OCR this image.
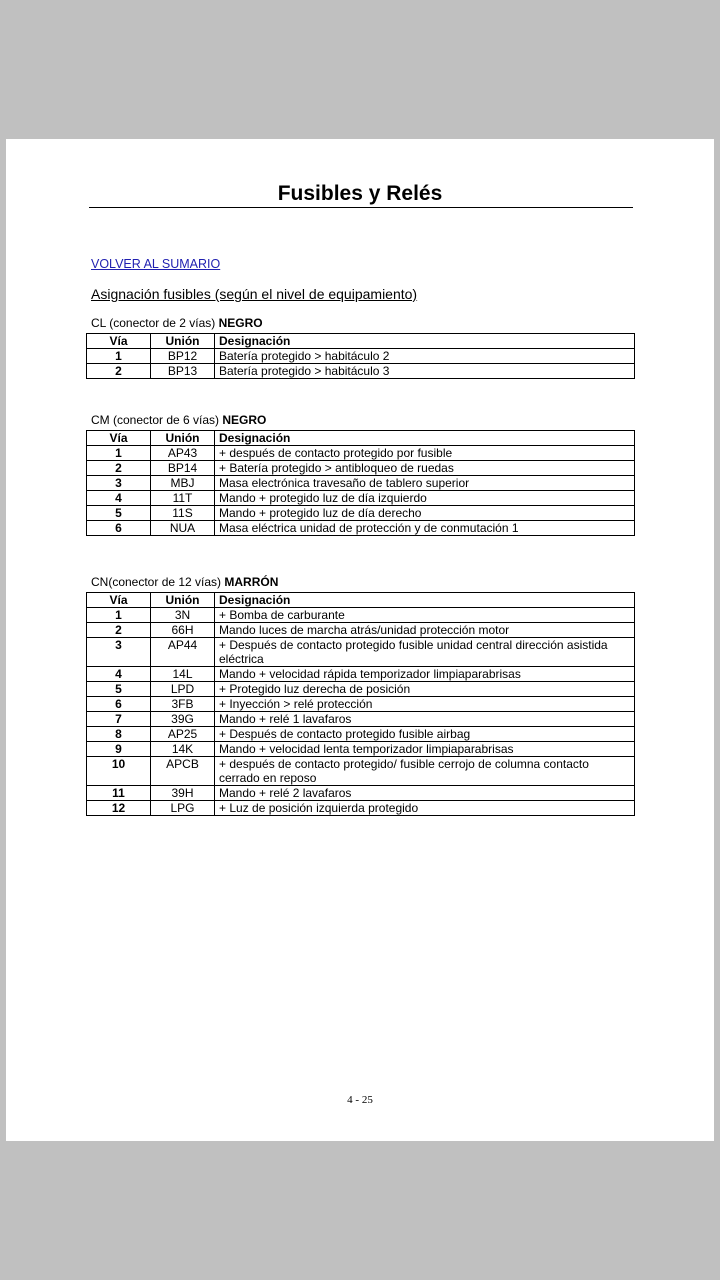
Fusibles y Relés
VOLVER AL SUMARIO
Asignación fusibles (según el nivel de equipamiento)
CL (conector de 2 vías) NEGRO
Vía	Unión	Designación
1	BP12	Batería protegido > habitáculo 2
2	BP13	Batería protegido > habitáculo 3
CM (conector de 6 vías) NEGRO
Vía	Unión	Designación
1	AP43	+ después de contacto protegido por fusible
2	BP14	+ Batería protegido > antibloqueo de ruedas
3	MBJ	Masa electrónica travesaño de tablero superior
4	11T	Mando + protegido luz de día izquierdo
5	11S	Mando + protegido luz de día derecho
6	NUA	Masa eléctrica unidad de protección y de conmutación 1
CN(conector de 12 vías) MARRÓN
Vía	Unión	Designación
1	3N	+ Bomba de carburante
2	66H	Mando luces de marcha atrás/unidad protección motor
3	AP44	+ Después de contacto protegido fusible unidad central dirección asistida eléctrica
4	14L	Mando + velocidad rápida temporizador limpiaparabrisas
5	LPD	+ Protegido luz derecha de posición
6	3FB	+ Inyección > relé protección
7	39G	Mando + relé 1 lavafaros
8	AP25	+ Después de contacto protegido fusible airbag
9	14K	Mando + velocidad lenta temporizador limpiaparabrisas
10	APCB	+ después de contacto protegido/ fusible cerrojo de columna contacto cerrado en reposo
11	39H	Mando + relé 2 lavafaros
12	LPG	+ Luz de posición izquierda protegido
4 - 25
